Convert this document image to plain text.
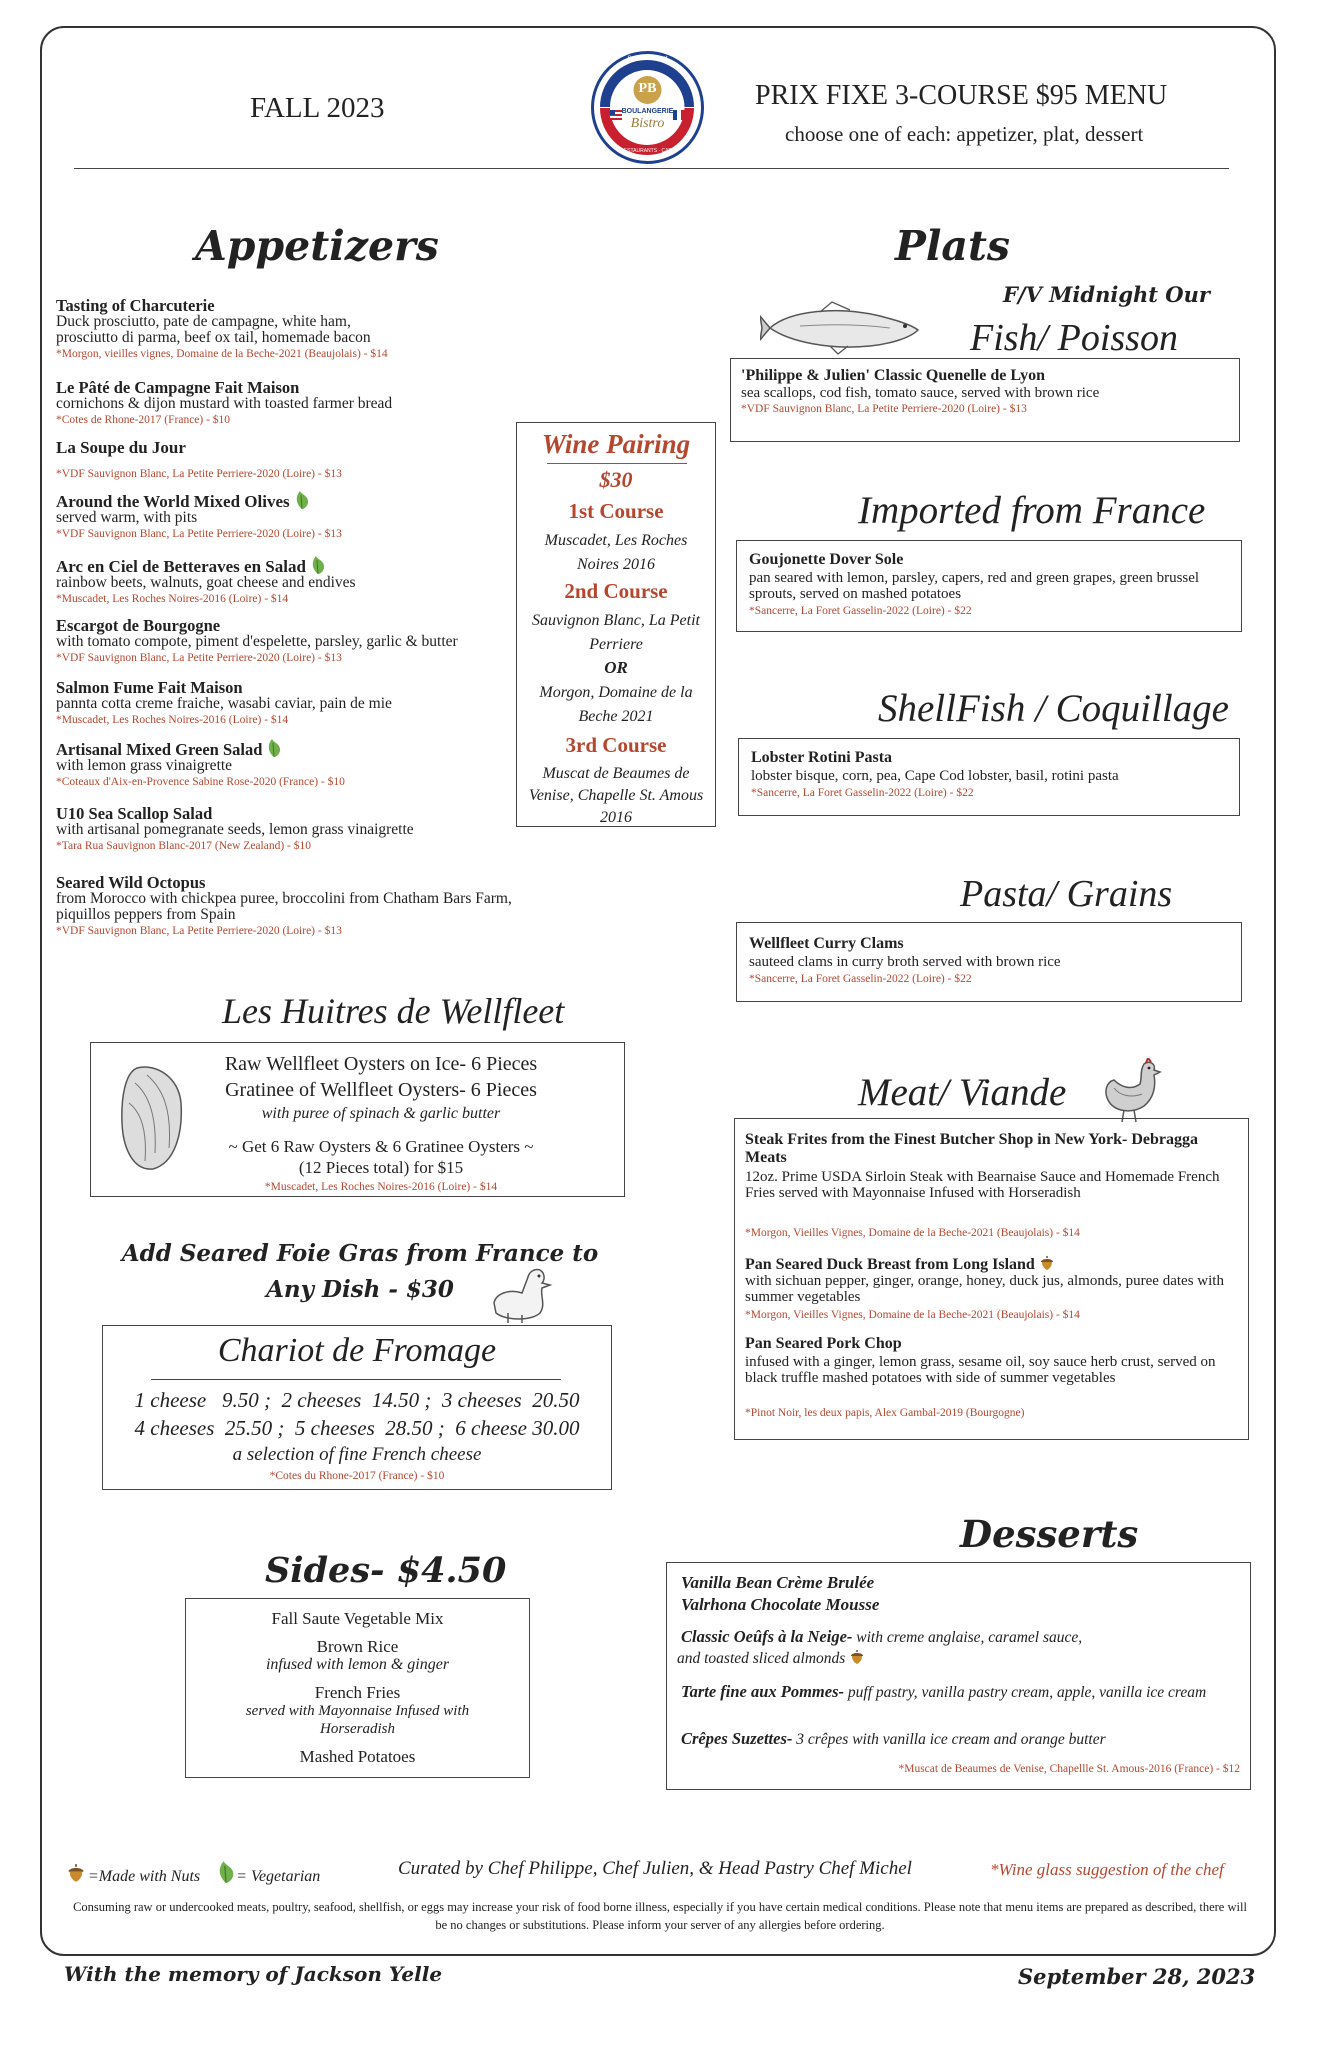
FALL 2023
PB
BOULANGERIE
Bistro
South Wellfleet
RESTAURANTS · CAFÉ
PRIX FIXE 3-COURSE $95 MENU
choose one of each: appetizer, plat, dessert
Appetizers
Tasting of Charcuterie
Duck prosciutto, pate de campagne, white ham, prosciutto di parma, beef ox tail, homemade bacon
*Morgon, vieilles vignes, Domaine de la Beche-2021 (Beaujolais) - $14
Le Pâté de Campagne Fait Maison
cornichons & dijon mustard with toasted farmer bread
*Cotes de Rhone-2017 (France) - $10
La Soupe du Jour
*VDF Sauvignon Blanc, La Petite Perriere-2020 (Loire) - $13
Around the World Mixed Olives
served warm, with pits
*VDF Sauvignon Blanc, La Petite Perriere-2020 (Loire) - $13
Arc en Ciel de Betteraves en Salad
rainbow beets, walnuts, goat cheese and endives
*Muscadet, Les Roches Noires-2016 (Loire) - $14
Escargot de Bourgogne
with tomato compote, piment d'espelette, parsley, garlic & butter
*VDF Sauvignon Blanc, La Petite Perriere-2020 (Loire) - $13
Salmon Fume Fait Maison
pannta cotta creme fraiche, wasabi caviar, pain de mie
*Muscadet, Les Roches Noires-2016 (Loire) - $14
Artisanal Mixed Green Salad
with lemon grass vinaigrette
*Coteaux d'Aix-en-Provence Sabine Rose-2020 (France) - $10
U10 Sea Scallop Salad
with artisanal pomegranate seeds, lemon grass vinaigrette
*Tara Rua Sauvignon Blanc-2017 (New Zealand) - $10
Seared Wild Octopus
from Morocco with chickpea puree, broccolini from Chatham Bars Farm, piquillos peppers from Spain
*VDF Sauvignon Blanc, La Petite Perriere-2020 (Loire) - $13
Wine Pairing
$30
1st Course
Muscadet, Les Roches Noires 2016
2nd Course
Sauvignon Blanc, La Petit Perriere
OR
Morgon, Domaine de la Beche 2021
3rd Course
Muscat de Beaumes de Venise, Chapelle St. Amous 2016
Les Huitres de Wellfleet
Raw Wellfleet Oysters on Ice- 6 Pieces
Gratinee of Wellfleet Oysters- 6 Pieces
with puree of spinach & garlic butter
~ Get 6 Raw Oysters & 6 Gratinee Oysters ~
(12 Pieces total) for $15
*Muscadet, Les Roches Noires-2016 (Loire) - $14
Add Seared Foie Gras from France to
Any Dish - $30
Chariot de Fromage
1 cheese   9.50 ;  2 cheeses  14.50 ;  3 cheeses  20.50
4 cheeses  25.50 ;  5 cheeses  28.50 ;  6 cheese 30.00
a selection of fine French cheese
*Cotes du Rhone-2017 (France) - $10
Sides- $4.50
Fall Saute Vegetable Mix
Brown Rice
infused with lemon & ginger
French Fries
served with Mayonnaise Infused with Horseradish
Mashed Potatoes
Plats
F/V Midnight Our
Fish/ Poisson
'Philippe & Julien' Classic Quenelle de Lyon
sea scallops, cod fish, tomato sauce, served with brown rice
*VDF Sauvignon Blanc, La Petite Perriere-2020 (Loire) - $13
Imported from France
Goujonette Dover Sole
pan seared with lemon, parsley, capers, red and green grapes, green brussel sprouts, served on mashed potatoes
*Sancerre, La Foret Gasselin-2022 (Loire) - $22
ShellFish / Coquillage
Lobster Rotini Pasta
lobster bisque, corn, pea, Cape Cod lobster, basil, rotini pasta
*Sancerre, La Foret Gasselin-2022 (Loire) - $22
Pasta/ Grains
Wellfleet Curry Clams
sauteed clams in curry broth served with brown rice
*Sancerre, La Foret Gasselin-2022 (Loire) - $22
Meat/ Viande
Steak Frites from the Finest Butcher Shop in New York- Debragga Meats
12oz. Prime USDA Sirloin Steak with Bearnaise Sauce and Homemade French Fries served with Mayonnaise Infused with Horseradish
*Morgon, Vieilles Vignes, Domaine de la Beche-2021 (Beaujolais) - $14
Pan Seared Duck Breast from Long Island
with sichuan pepper, ginger, orange, honey, duck jus, almonds, puree dates with summer vegetables
*Morgon, Vieilles Vignes, Domaine de la Beche-2021 (Beaujolais) - $14
Pan Seared Pork Chop
infused with a ginger, lemon grass, sesame oil, soy sauce herb crust, served on black truffle mashed potatoes with side of summer vegetables
*Pinot Noir, les deux papis, Alex Gambal-2019 (Bourgogne)
Desserts
Vanilla Bean Crème Brulée
Valrhona Chocolate Mousse
Classic Oeûfs à la Neige- with creme anglaise, caramel sauce,
and toasted sliced almonds
Tarte fine aux Pommes- puff pastry, vanilla pastry cream, apple, vanilla ice cream
Crêpes Suzettes- 3 crêpes with vanilla ice cream and orange butter
*Muscat de Beaumes de Venise, Chapellle St. Amous-2016 (France) - $12
=Made with Nuts = Vegetarian	Curated by Chef Philippe, Chef Julien, & Head Pastry Chef Michel	*Wine glass suggestion of the chef
Consuming raw or undercooked meats, poultry, seafood, shellfish, or eggs may increase your risk of food borne illness, especially if you have certain medical conditions. Please note that menu items are prepared as described, there will be no changes or substitutions. Please inform your server of any allergies before ordering.
With the memory of Jackson Yelle	September 28, 2023
